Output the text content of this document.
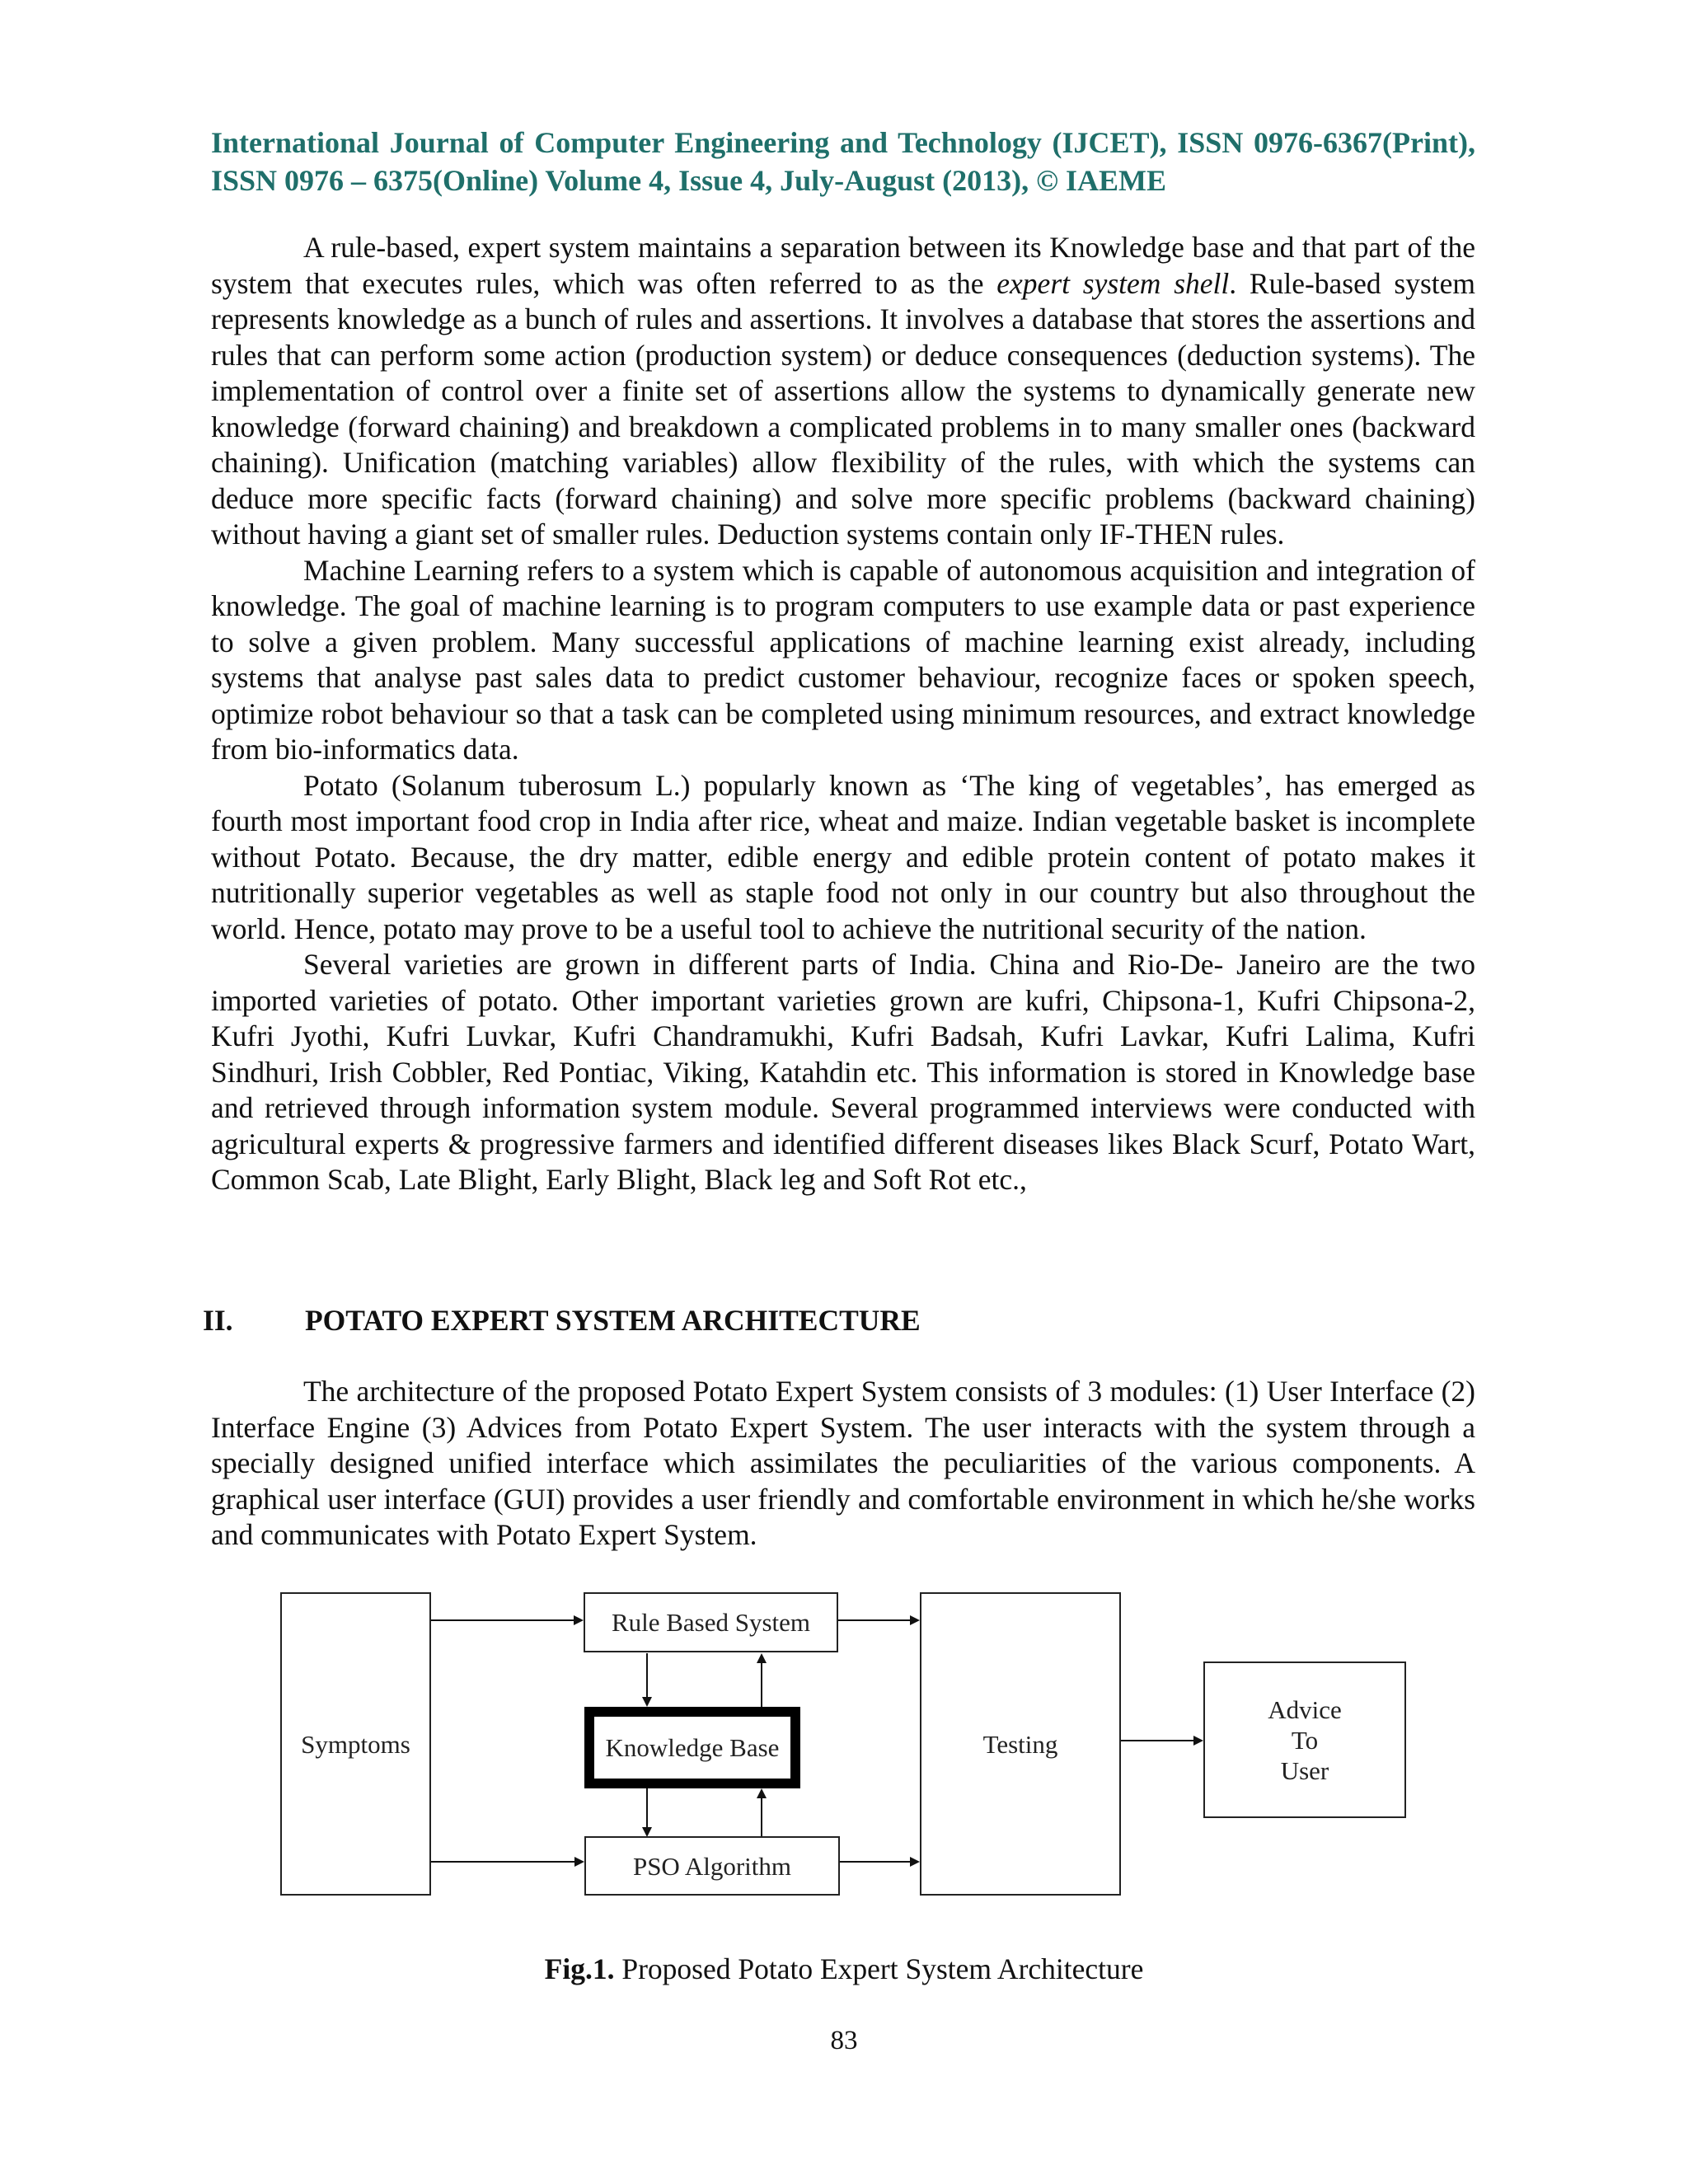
International Journal of Computer Engineering and Technology (IJCET), ISSN 0976-6367(Print), ISSN 0976 – 6375(Online) Volume 4, Issue 4, July-August (2013), © IAEME

A rule-based, expert system maintains a separation between its Knowledge base and that part of the system that executes rules, which was often referred to as the expert system shell. Rule-based system represents knowledge as a bunch of rules and assertions. It involves a database that stores the assertions and rules that can perform some action (production system) or deduce consequences (deduction systems). The implementation of control over a finite set of assertions allow the systems to dynamically generate new knowledge (forward chaining) and breakdown a complicated problems in to many smaller ones (backward chaining). Unification (matching variables) allow flexibility of the rules, with which the systems can deduce more specific facts (forward chaining) and solve more specific problems (backward chaining) without having a giant set of smaller rules. Deduction systems contain only IF-THEN rules.

Machine Learning refers to a system which is capable of autonomous acquisition and integration of knowledge. The goal of machine learning is to program computers to use example data or past experience to solve a given problem. Many successful applications of machine learning exist already, including systems that analyse past sales data to predict customer behaviour, recognize faces or spoken speech, optimize robot behaviour so that a task can be completed using minimum resources, and extract knowledge from bio-informatics data.

Potato (Solanum tuberosum L.) popularly known as ‘The king of vegetables’, has emerged as fourth most important food crop in India after rice, wheat and maize. Indian vegetable basket is incomplete without Potato. Because, the dry matter, edible energy and edible protein content of potato makes it nutritionally superior vegetables as well as staple food not only in our country but also throughout the world. Hence, potato may prove to be a useful tool to achieve the nutritional security of the nation.

Several varieties are grown in different parts of India. China and Rio-De- Janeiro are the two imported varieties of potato. Other important varieties grown are kufri, Chipsona-1, Kufri Chipsona-2, Kufri Jyothi, Kufri Luvkar, Kufri Chandramukhi, Kufri Badsah, Kufri Lavkar, Kufri Lalima, Kufri Sindhuri, Irish Cobbler, Red Pontiac, Viking, Katahdin etc. This information is stored in Knowledge base and retrieved through information system module. Several programmed interviews were conducted with agricultural experts & progressive farmers and identified different diseases likes Black Scurf, Potato Wart, Common Scab, Late Blight, Early Blight, Black leg and Soft Rot etc.,

II. POTATO EXPERT SYSTEM ARCHITECTURE

The architecture of the proposed Potato Expert System consists of 3 modules: (1) User Interface (2) Interface Engine (3) Advices from Potato Expert System. The user interacts with the system through a specially designed unified interface which assimilates the peculiarities of the various components. A graphical user interface (GUI) provides a user friendly and comfortable environment in which he/she works and communicates with Potato Expert System.

Symptoms
Rule Based System
Knowledge Base
PSO Algorithm
Testing
Advice
To
User
Fig.1. Proposed Potato Expert System Architecture
83
